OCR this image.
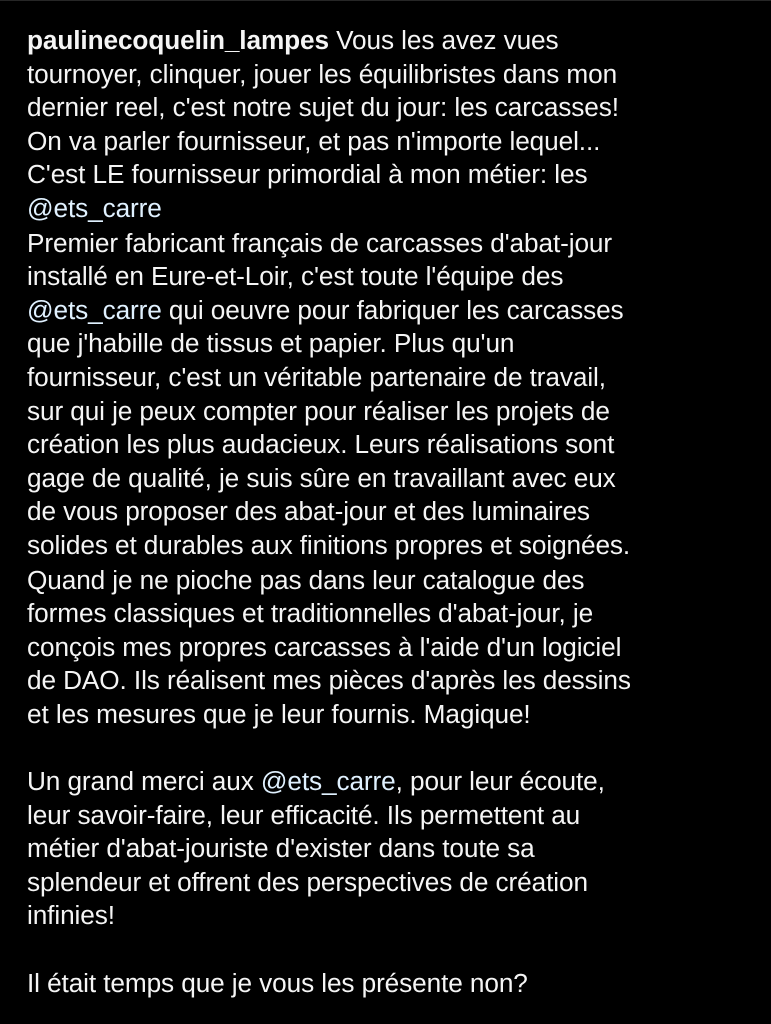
paulinecoquelin_lampes Vous les avez vues
tournoyer, clinquer, jouer les équilibristes dans mon
dernier reel, c'est notre sujet du jour: les carcasses!
On va parler fournisseur, et pas n'importe lequel...
C'est LE fournisseur primordial à mon métier: les
@ets_carre

Premier fabricant français de carcasses d'abat-jour
installé en Eure-et-Loir, c'est toute l'équipe des
@ets_carre qui oeuvre pour fabriquer les carcasses
que j'habille de tissus et papier. Plus qu'un
fournisseur, c'est un véritable partenaire de travail,
sur qui je peux compter pour réaliser les projets de
création les plus audacieux. Leurs réalisations sont
gage de qualité, je suis sûre en travaillant avec eux
de vous proposer des abat-jour et des luminaires
solides et durables aux finitions propres et soignées.

Quand je ne pioche pas dans leur catalogue des
formes classiques et traditionnelles d'abat-jour, je
conçois mes propres carcasses à l'aide d'un logiciel
de DAO. Ils réalisent mes pièces d'après les dessins
et les mesures que je leur fournis. Magique!

Un grand merci aux @ets_carre, pour leur écoute,
leur savoir-faire, leur efficacité. Ils permettent au
métier d'abat-jouriste d'exister dans toute sa
splendeur et offrent des perspectives de création
infinies!

Il était temps que je vous les présente non?
